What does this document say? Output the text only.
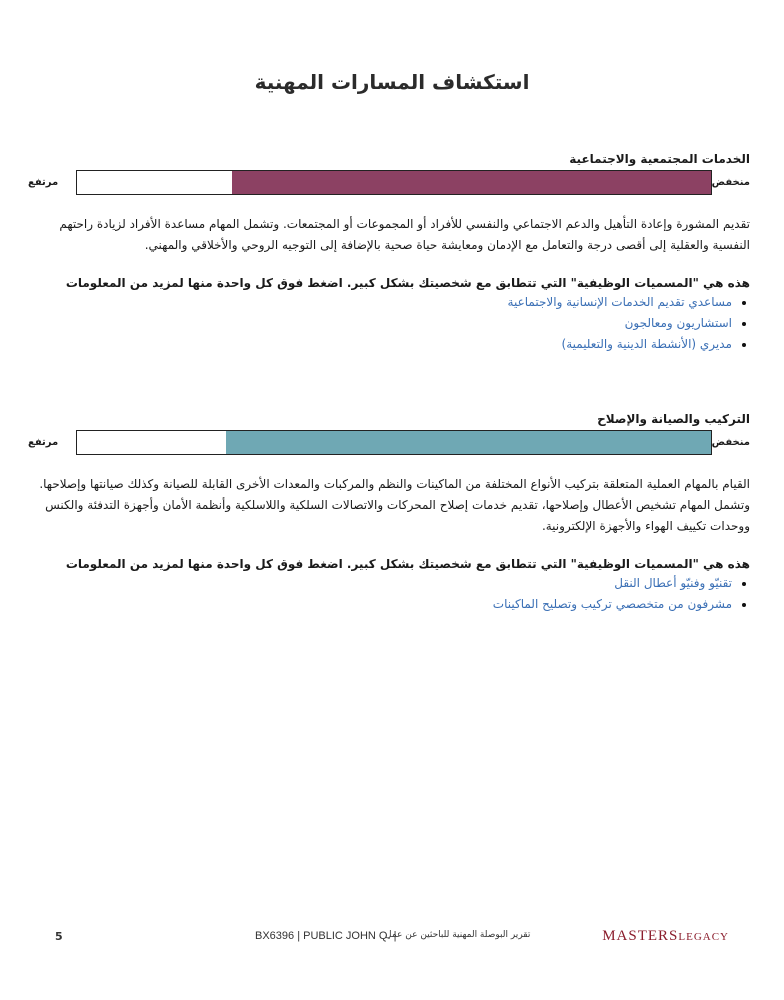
استكشاف المسارات المهنية
الخدمات المجتمعية والاجتماعية
مرتفع	منخفض

تقديم المشورة وإعادة التأهيل والدعم الاجتماعي والنفسي للأفراد أو المجموعات أو المجتمعات. وتشمل المهام مساعدة الأفراد لزيادة راحتهم النفسية والعقلية إلى أقصى درجة والتعامل مع الإدمان ومعايشة حياة صحية بالإضافة إلى التوجيه الروحي والأخلاقي والمهني.

هذه هي "المسميات الوظيفية" التي تتطابق مع شخصيتك بشكل كبير. اضغط فوق كل واحدة منها لمزيد من المعلومات
• مساعدي تقديم الخدمات الإنسانية والاجتماعية
• استشاريون ومعالجون
• مديري (الأنشطة الدينية والتعليمية)
التركيب والصيانة والإصلاح
مرتفع	منخفض

القيام بالمهام العملية المتعلقة بتركيب الأنواع المختلفة من الماكينات والنظم والمركبات والمعدات الأخرى القابلة للصيانة وكذلك صيانتها وإصلاحها. وتشمل المهام تشخيص الأعطال وإصلاحها، تقديم خدمات إصلاح المحركات والاتصالات السلكية واللاسلكية وأنظمة الأمان وأجهزة التدفئة والكنس ووحدات تكييف الهواء والأجهزة الإلكترونية.

هذه هي "المسميات الوظيفية" التي تتطابق مع شخصيتك بشكل كبير. اضغط فوق كل واحدة منها لمزيد من المعلومات
• تقنيّو وفنيّو أعطال النقل
• مشرفون من متخصصي تركيب وتصليح الماكينات
5	BX6396 | PUBLIC JOHN Q. |
تقرير البوصلة المهنية للباحثين عن عمل	MASTERSLEGACY
